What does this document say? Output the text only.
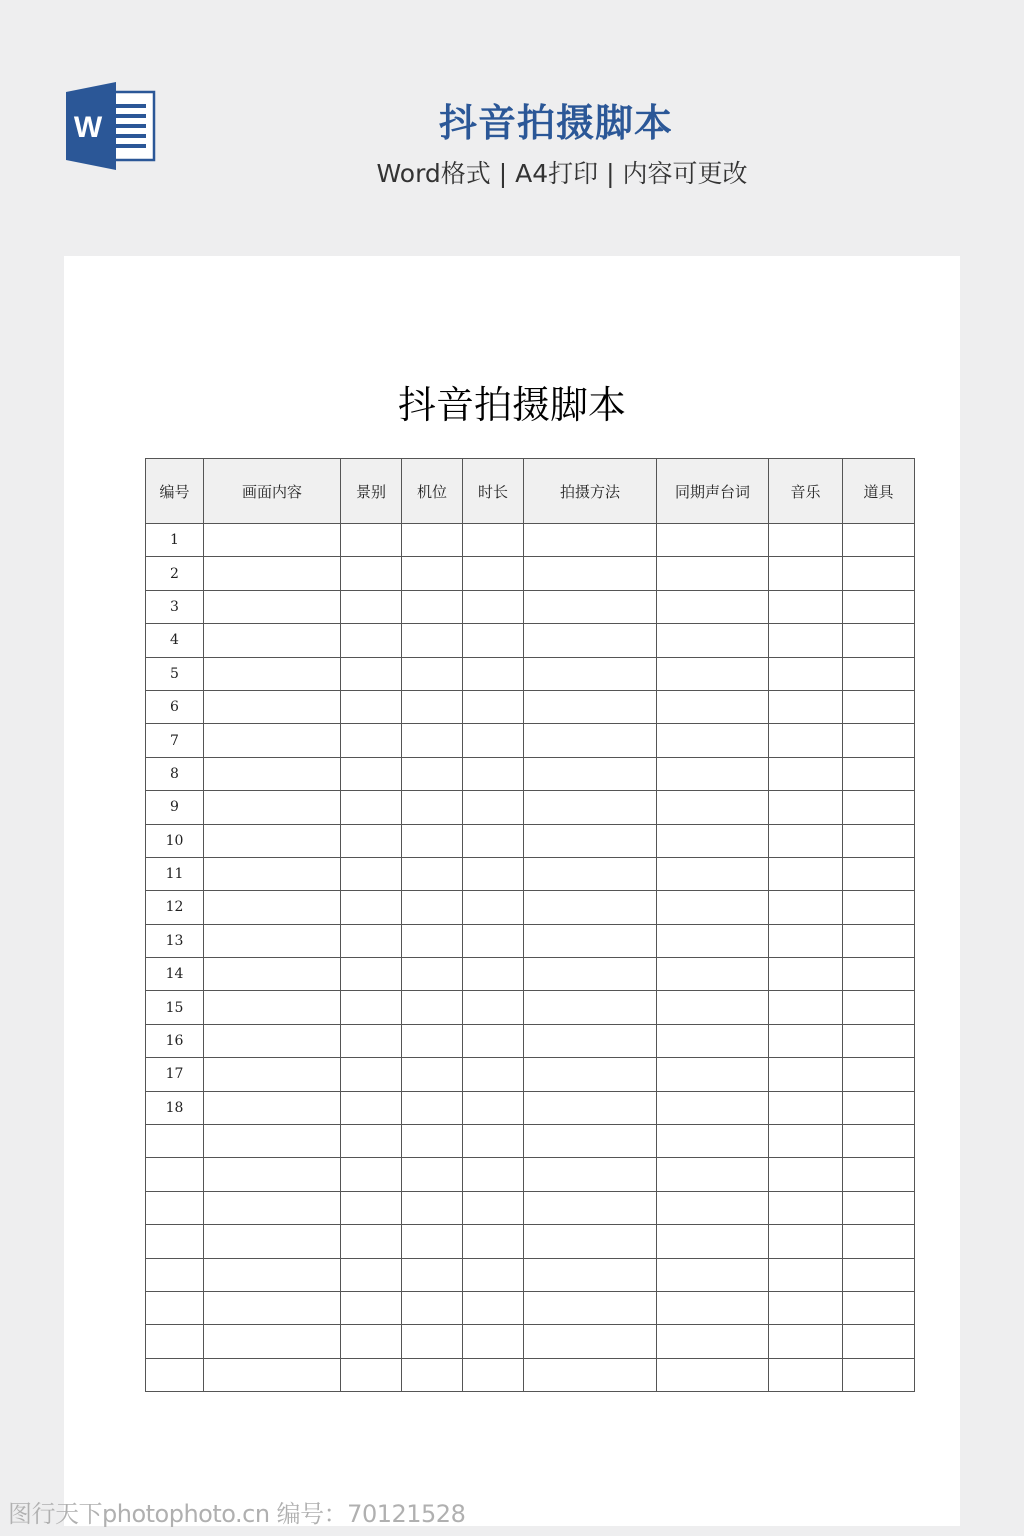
W	抖音拍摄脚本
Word格式 | A4打印 | 内容可更改
抖音拍摄脚本
编号	画面内容	景别	机位	时长	拍摄方法	同期声台词	音乐	道具
1								
2								
3								
4								
5								
6								
7								
8								
9								
10								
11								
12								
13								
14								
15								
16								
17								
18								

图行天下photophoto.cn 编号：70121528
